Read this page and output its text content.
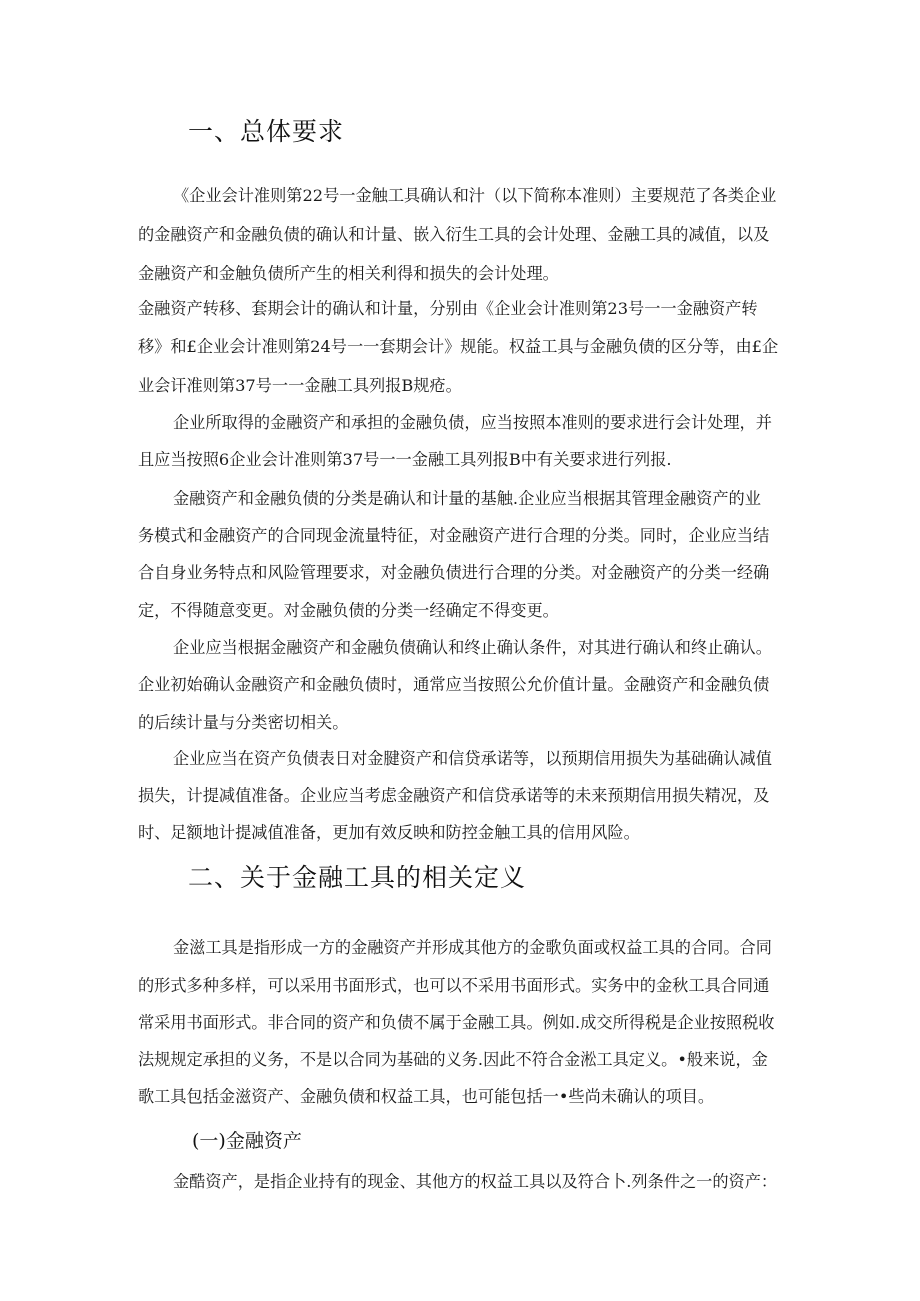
一、总体要求
《企业会计准则第22号一金触工具确认和汁（以下简称本准则）主要规范了各类企业
的金融资产和金融负债的确认和计量、嵌入衍生工具的会计处理、金融工具的减值，以及
金融资产和金触负债所产生的相关利得和损失的会计处理。
金融资产转移、套期会计的确认和计量，分别由《企业会计准则第23号一一金融资产转
移》和£企业会计准则第24号一一套期会计》规能。权益工具与金融负债的区分等，由£企
业会讦准则第37号一一金融工具列报B规疮。
企业所取得的金融资产和承担的金融负债，应当按照本准则的要求进行会计处理，并
且应当按照6企业会计准则第37号一一金融工具列报B中有关要求进行列报.
金融资产和金融负债的分类是确认和计量的基触.企业应当根据其管理金融资产的业
务模式和金融资产的合同现金流量特征，对金融资产进行合理的分类。同时，企业应当结
合自身业务特点和风险管理要求，对金融负债进行合理的分类。对金融资产的分类一经确
定，不得随意变更。对金融负债的分类一经确定不得变更。
企业应当根据金融资产和金融负债确认和终止确认条件，对其进行确认和终止确认。
企业初始确认金融资产和金融负债时，通常应当按照公允价值计量。金融资产和金融负债
的后续计量与分类密切相关。
企业应当在资产负债表日对金腱资产和信贷承诺等，以预期信用损失为基础确认减值
损失，计提减值准备。企业应当考虑金融资产和信贷承诺等的未来预期信用损失精况，及
时、足额地计提减值准备，更加有效反映和防控金触工具的信用风险。
二、关于金融工具的相关定义
金滋工具是指形成一方的金融资产并形成其他方的金歌负面或权益工具的合同。合同
的形式多种多样，可以采用书面形式，也可以不采用书面形式。实务中的金秋工具合同通
常采用书面形式。非合同的资产和负债不属于金融工具。例如.成交所得税是企业按照税收
法规规定承担的义务，不是以合同为基础的义务.因此不符合金淞工具定义。•般来说，金
歌工具包括金滋资产、金融负债和权益工具，也可能包括一•些尚未确认的项目。
(一)金融资产
金酷资产，是指企业持有的现金、其他方的权益工具以及符合卜.列条件之一的资产：
